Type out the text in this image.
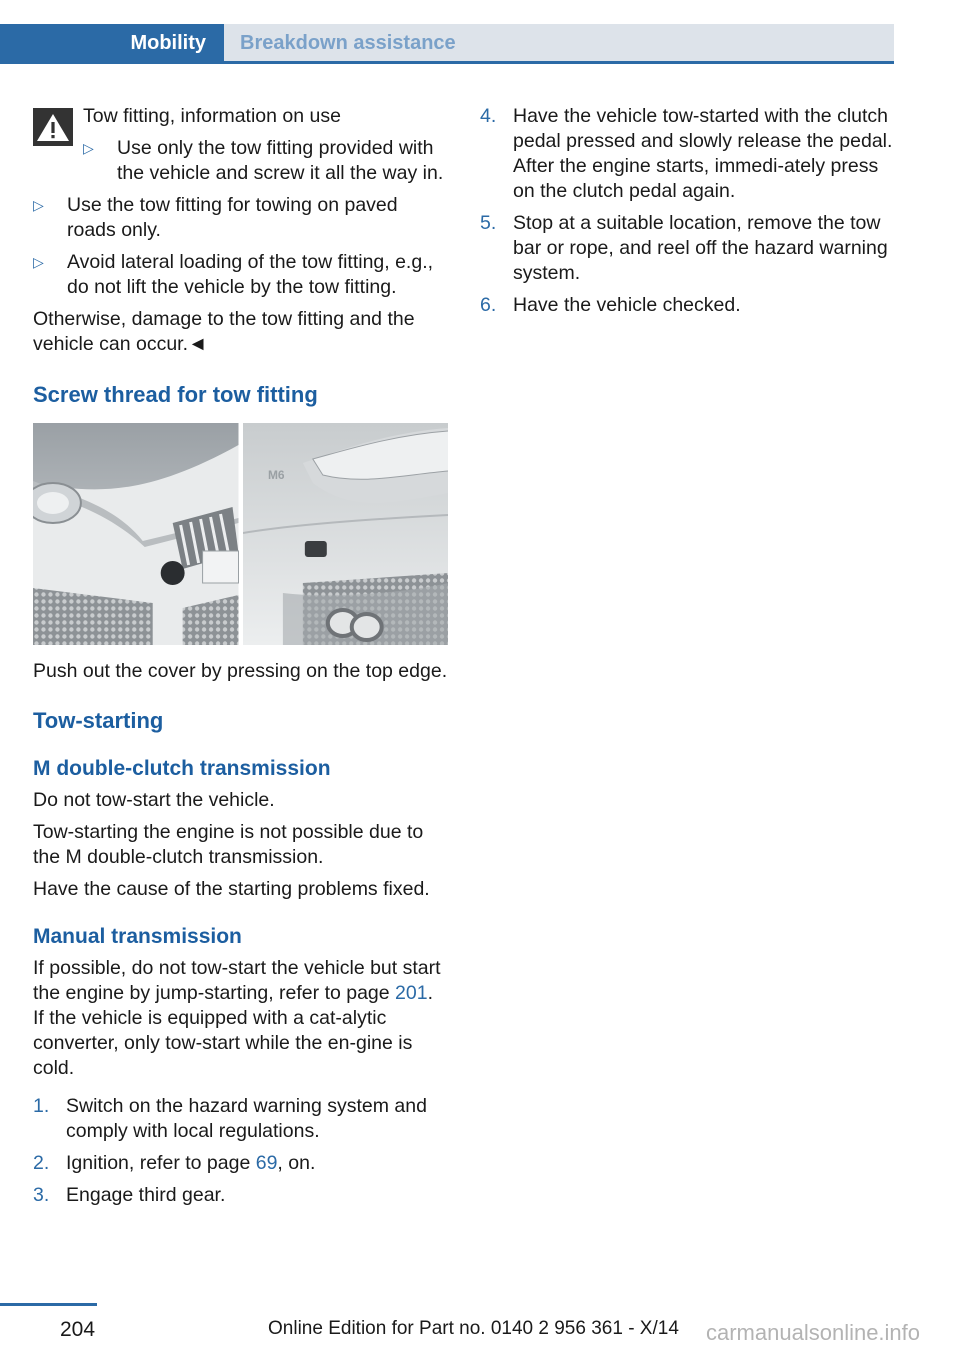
Mobility	Breakdown assistance

Tow fitting, information on use

▷	Use only the tow fitting provided with the vehicle and screw it all the way in.
▷	Use the tow fitting for towing on paved roads only.
▷	Avoid lateral loading of the tow fitting, e.g., do not lift the vehicle by the tow fitting.

Otherwise, damage to the tow fitting and the vehicle can occur.◄

Screw thread for tow fitting
M6

Push out the cover by pressing on the top edge.

Tow-starting
M double-clutch transmission

Do not tow-start the vehicle.

Tow-starting the engine is not possible due to the M double-clutch transmission.

Have the cause of the starting problems fixed.

Manual transmission

If possible, do not tow-start the vehicle but start the engine by jump-starting, refer to page 201. If the vehicle is equipped with a cat‐alytic converter, only tow-start while the en‐gine is cold.

1. Switch on the hazard warning system and comply with local regulations.
2. Ignition, refer to page 69, on.
3. Engage third gear.
4. Have the vehicle tow-started with the clutch pedal pressed and slowly release the pedal. After the engine starts, immedi‐ately press on the clutch pedal again.
5. Stop at a suitable location, remove the tow bar or rope, and reel off the hazard warning system.
6. Have the vehicle checked.
204	Online Edition for Part no. 0140 2 956 361 - X/14 carmanualsonline.info
